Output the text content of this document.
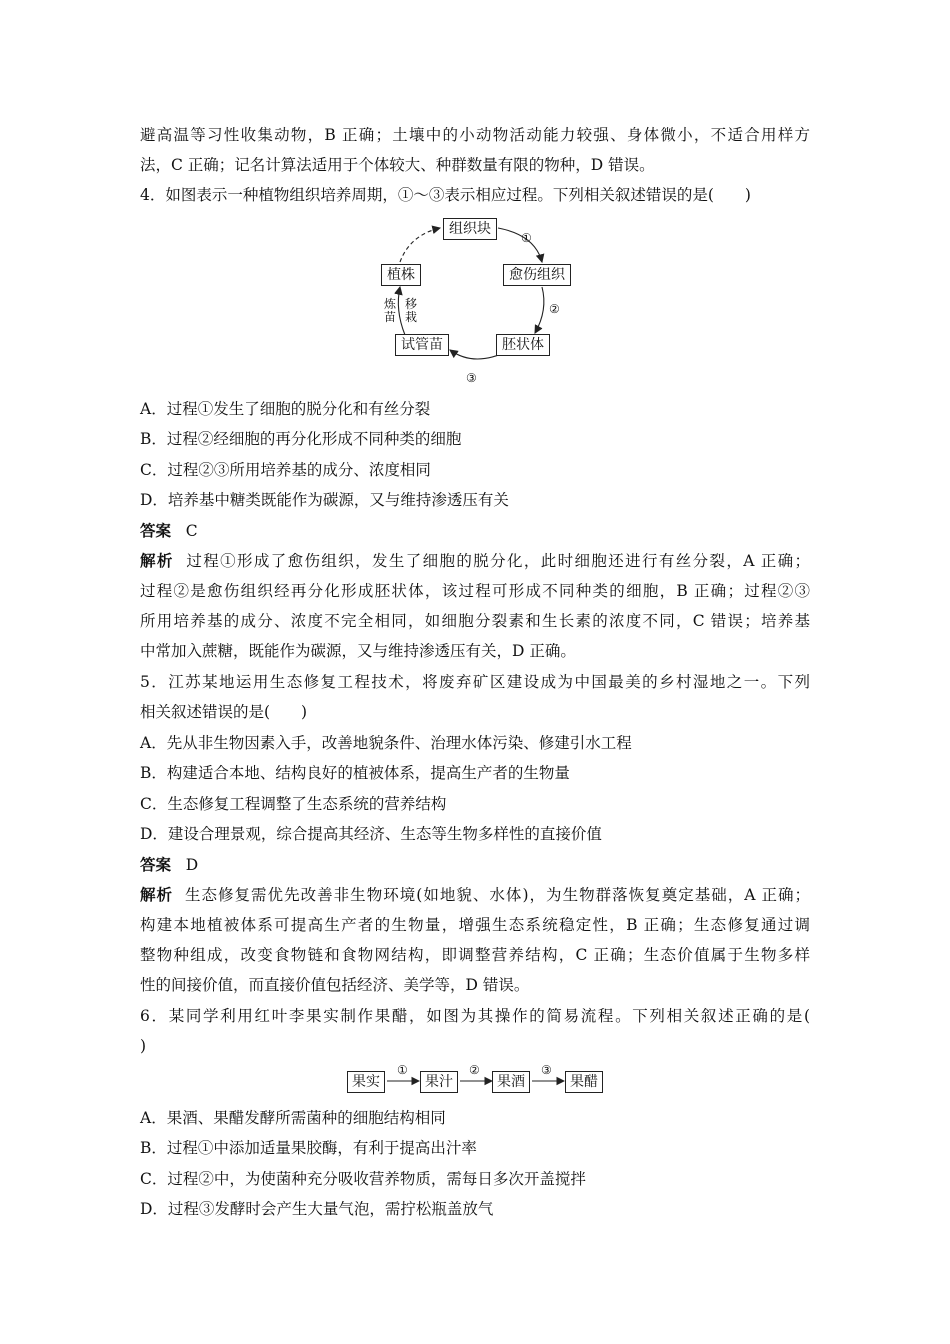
避高温等习性收集动物，B 正确；土壤中的小动物活动能力较强、身体微小，不适合用样方
法，C 正确；记名计算法适用于个体较大、种群数量有限的物种，D 错误。
4．如图表示一种植物组织培养周期，①～③表示相应过程。下列相关叙述错误的是(　　)
组织块
愈伤组织
胚状体
试管苗
植株
①
②
③
炼苗
移栽
A．过程①发生了细胞的脱分化和有丝分裂
B．过程②经细胞的再分化形成不同种类的细胞
C．过程②③所用培养基的成分、浓度相同
D．培养基中糖类既能作为碳源，又与维持渗透压有关
答案 C
解析 过程①形成了愈伤组织，发生了细胞的脱分化，此时细胞还进行有丝分裂，A 正确；
过程②是愈伤组织经再分化形成胚状体，该过程可形成不同种类的细胞，B 正确；过程②③
所用培养基的成分、浓度不完全相同，如细胞分裂素和生长素的浓度不同，C 错误；培养基
中常加入蔗糖，既能作为碳源，又与维持渗透压有关，D 正确。
5．江苏某地运用生态修复工程技术，将废弃矿区建设成为中国最美的乡村湿地之一。下列
相关叙述错误的是(　　)
A．先从非生物因素入手，改善地貌条件、治理水体污染、修建引水工程
B．构建适合本地、结构良好的植被体系，提高生产者的生物量
C．生态修复工程调整了生态系统的营养结构
D．建设合理景观，综合提高其经济、生态等生物多样性的直接价值
答案 D
解析 生态修复需优先改善非生物环境(如地貌、水体)，为生物群落恢复奠定基础，A 正确；
构建本地植被体系可提高生产者的生物量，增强生态系统稳定性，B 正确；生态修复通过调
整物种组成，改变食物链和食物网结构，即调整营养结构，C 正确；生态价值属于生物多样
性的间接价值，而直接价值包括经济、美学等，D 错误。
6．某同学利用红叶李果实制作果醋，如图为其操作的简易流程。下列相关叙述正确的是(
)
果实	果汁	果酒	果醋
①	②	③
A．果酒、果醋发酵所需菌种的细胞结构相同
B．过程①中添加适量果胶酶，有利于提高出汁率
C．过程②中，为使菌种充分吸收营养物质，需每日多次开盖搅拌
D．过程③发酵时会产生大量气泡，需拧松瓶盖放气
